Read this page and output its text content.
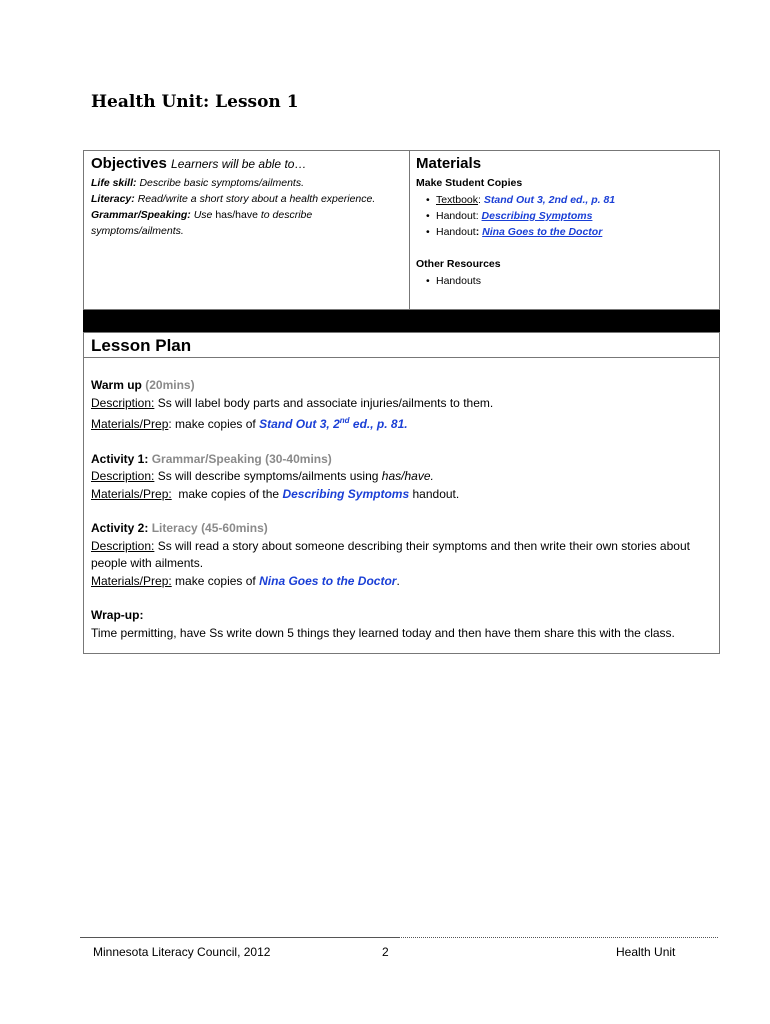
Health Unit: Lesson 1
Objectives Learners will be able to…
Life skill: Describe basic symptoms/ailments.
Literacy: Read/write a short story about a health experience.
Grammar/Speaking: Use has/have to describe symptoms/ailments.
Materials
Make Student Copies
• Textbook: Stand Out 3, 2nd ed., p. 81
• Handout: Describing Symptoms
• Handout: Nina Goes to the Doctor
Other Resources
• Handouts
Lesson Plan
Warm up (20mins)
Description: Ss will label body parts and associate injuries/ailments to them.
Materials/Prep: make copies of Stand Out 3, 2nd ed., p. 81.
Activity 1: Grammar/Speaking (30-40mins)
Description: Ss will describe symptoms/ailments using has/have.
Materials/Prep: make copies of the Describing Symptoms handout.
Activity 2: Literacy (45-60mins)
Description: Ss will read a story about someone describing their symptoms and then write their own stories about people with ailments.
Materials/Prep: make copies of Nina Goes to the Doctor.
Wrap-up:
Time permitting, have Ss write down 5 things they learned today and then have them share this with the class.
Minnesota Literacy Council, 2012	2	Health Unit
